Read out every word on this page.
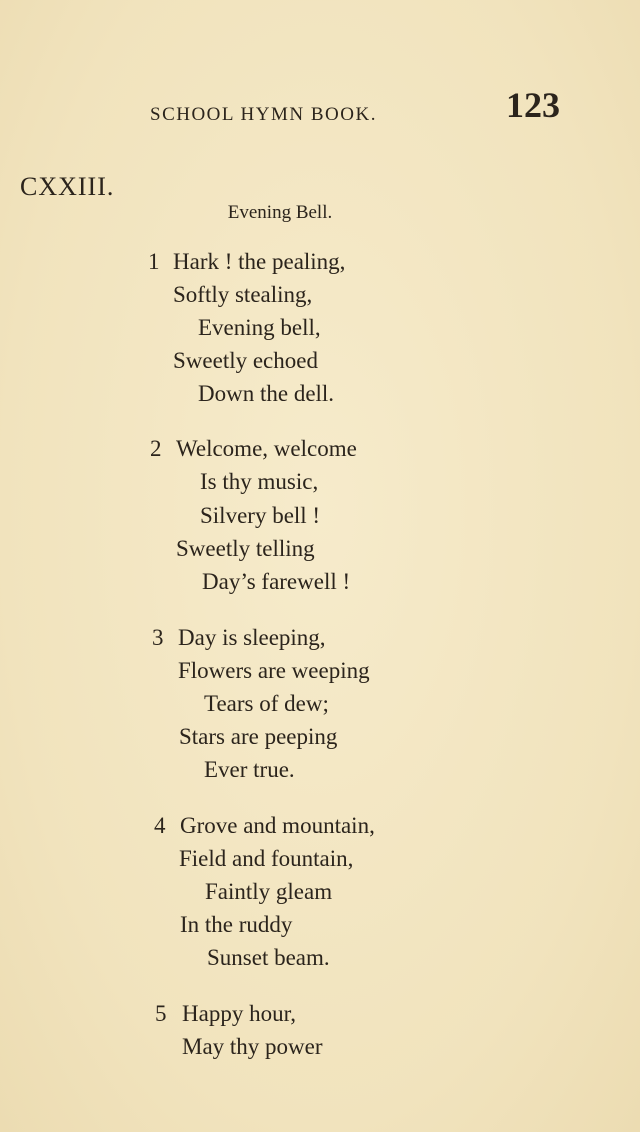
SCHOOL HYMN BOOK.	123
CXXIII.
Evening Bell.
1 Hark ! the pealing,
Softly stealing,
Evening bell,
Sweetly echoed
Down the dell.
2 Welcome, welcome
Is thy music,
Silvery bell !
Sweetly telling
Day’s farewell !
3 Day is sleeping,
Flowers are weeping
Tears of dew;
Stars are peeping
Ever true.
4 Grove and mountain,
Field and fountain,
Faintly gleam
In the ruddy
Sunset beam.
5 Happy hour,
May thy power
